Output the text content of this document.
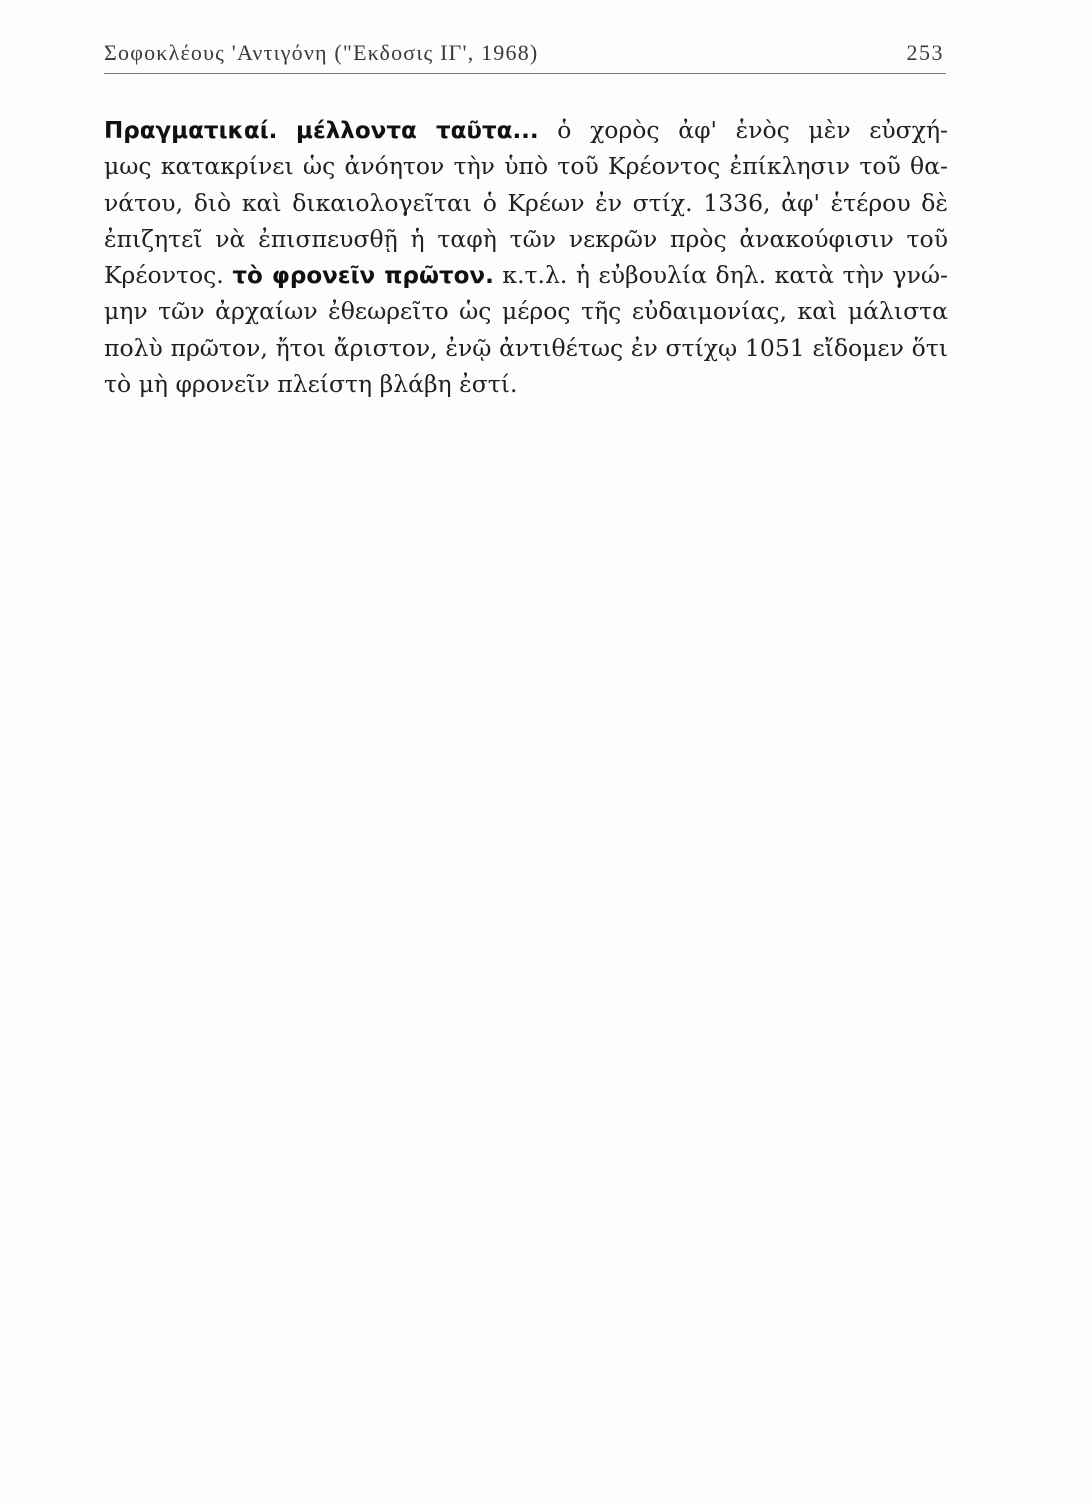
Σοφοκλέους 'Αντιγόνη ("Εκδοσις ΙΓ', 1968)	253
Πραγματικαί. μέλλοντα ταῦτα... ὁ χορὸς ἀφ' ἑνὸς μὲν εὐσχή-
μως κατακρίνει ὡς ἀνόητον τὴν ὑπὸ τοῦ Κρέοντος ἐπίκλησιν τοῦ θα-
νάτου, διὸ καὶ δικαιολογεῖται ὁ Κρέων ἐν στίχ. 1336, ἀφ' ἑτέρου δὲ
ἐπιζητεῖ νὰ ἐπισπευσθῇ ἡ ταφὴ τῶν νεκρῶν πρὸς ἀνακούφισιν τοῦ
Κρέοντος. τὸ φρονεῖν πρῶτον. κ.τ.λ. ἡ εὐβουλία δηλ. κατὰ τὴν γνώ-
μην τῶν ἀρχαίων ἐθεωρεῖτο ὡς μέρος τῆς εὐδαιμονίας, καὶ μάλιστα
πολὺ πρῶτον, ἤτοι ἄριστον, ἐνῷ ἀντιθέτως ἐν στίχῳ 1051 εἴδομεν ὅτι
τὸ μὴ φρονεῖν πλείστη βλάβη ἐστί.
